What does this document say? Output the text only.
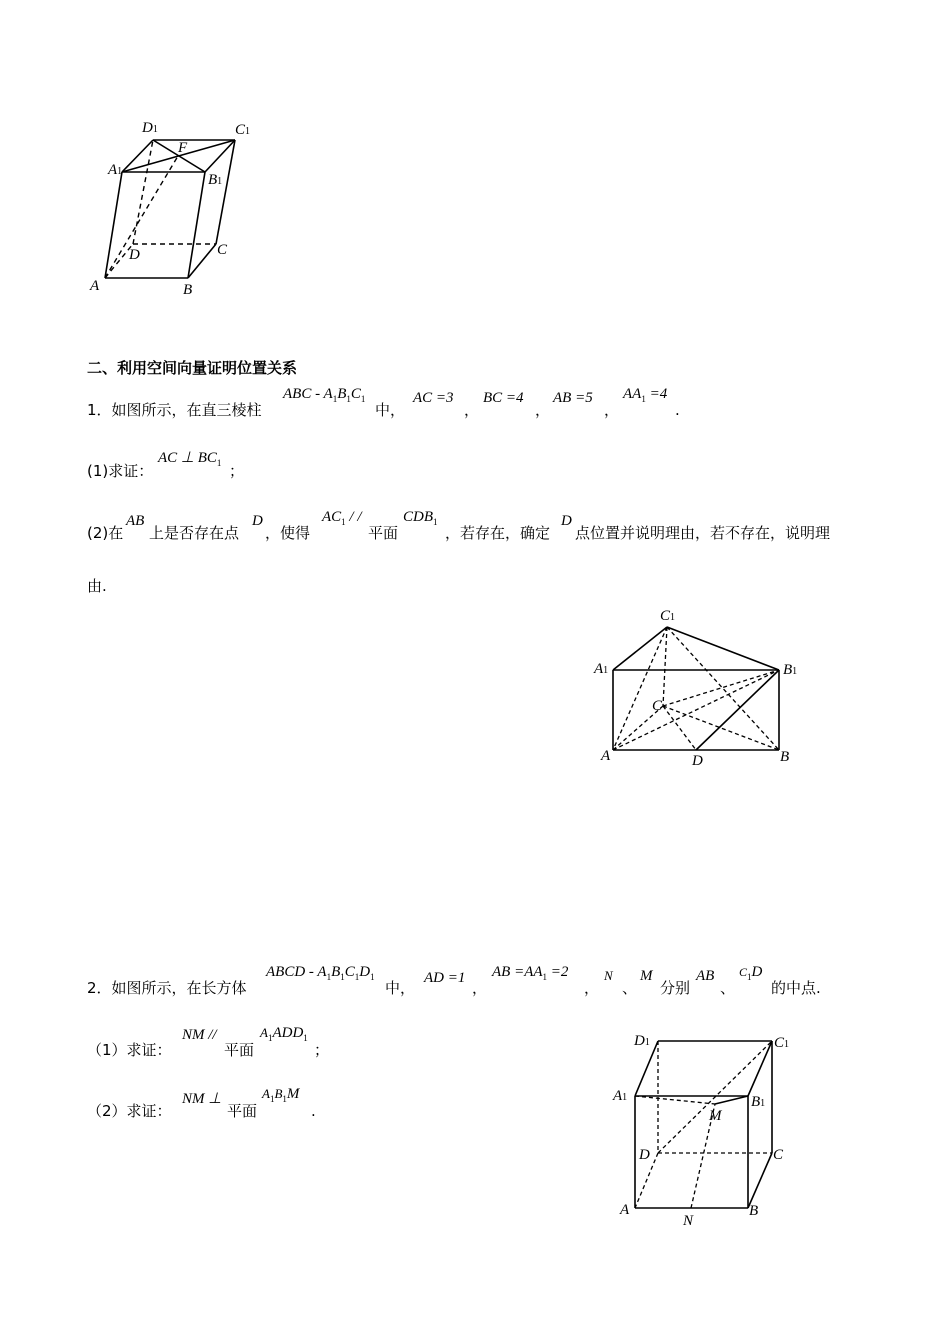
D1	C1
F
A1
B1
D	C
A	B
二、利用空间向量证明位置关系
1．如图所示，在直三棱柱
ABC - $A_1B_1C_1$
中，
AC =3
，
BC =4
，
AB =5
，
$AA_1 =4$
.
(1)求证：
AC ⊥ $BC_1$ ；
(2)在
AB
上是否存在点
D
，使得
$AC_1$ / /
平面
$CDB_1$
，若存在，确定
D
点位置并说明理由，若不存在，说明理
由.
C1
A1	B1
C
A	D	B
2．如图所示，在长方体
ABCD - $A_1B_1C_1D_1$
中，
AD =1
，
AB $=AA_1 =2$
，
N
、
M
分别
AB
、
$C_1D$
的中点.
（1）求证：
NM //
平面
$A_1ADD_1$
；
（2）求证：
NM ⊥
平面
$A_1B_1M$
.
D1	C1
A1	B1
M
D	C
A
N
B
